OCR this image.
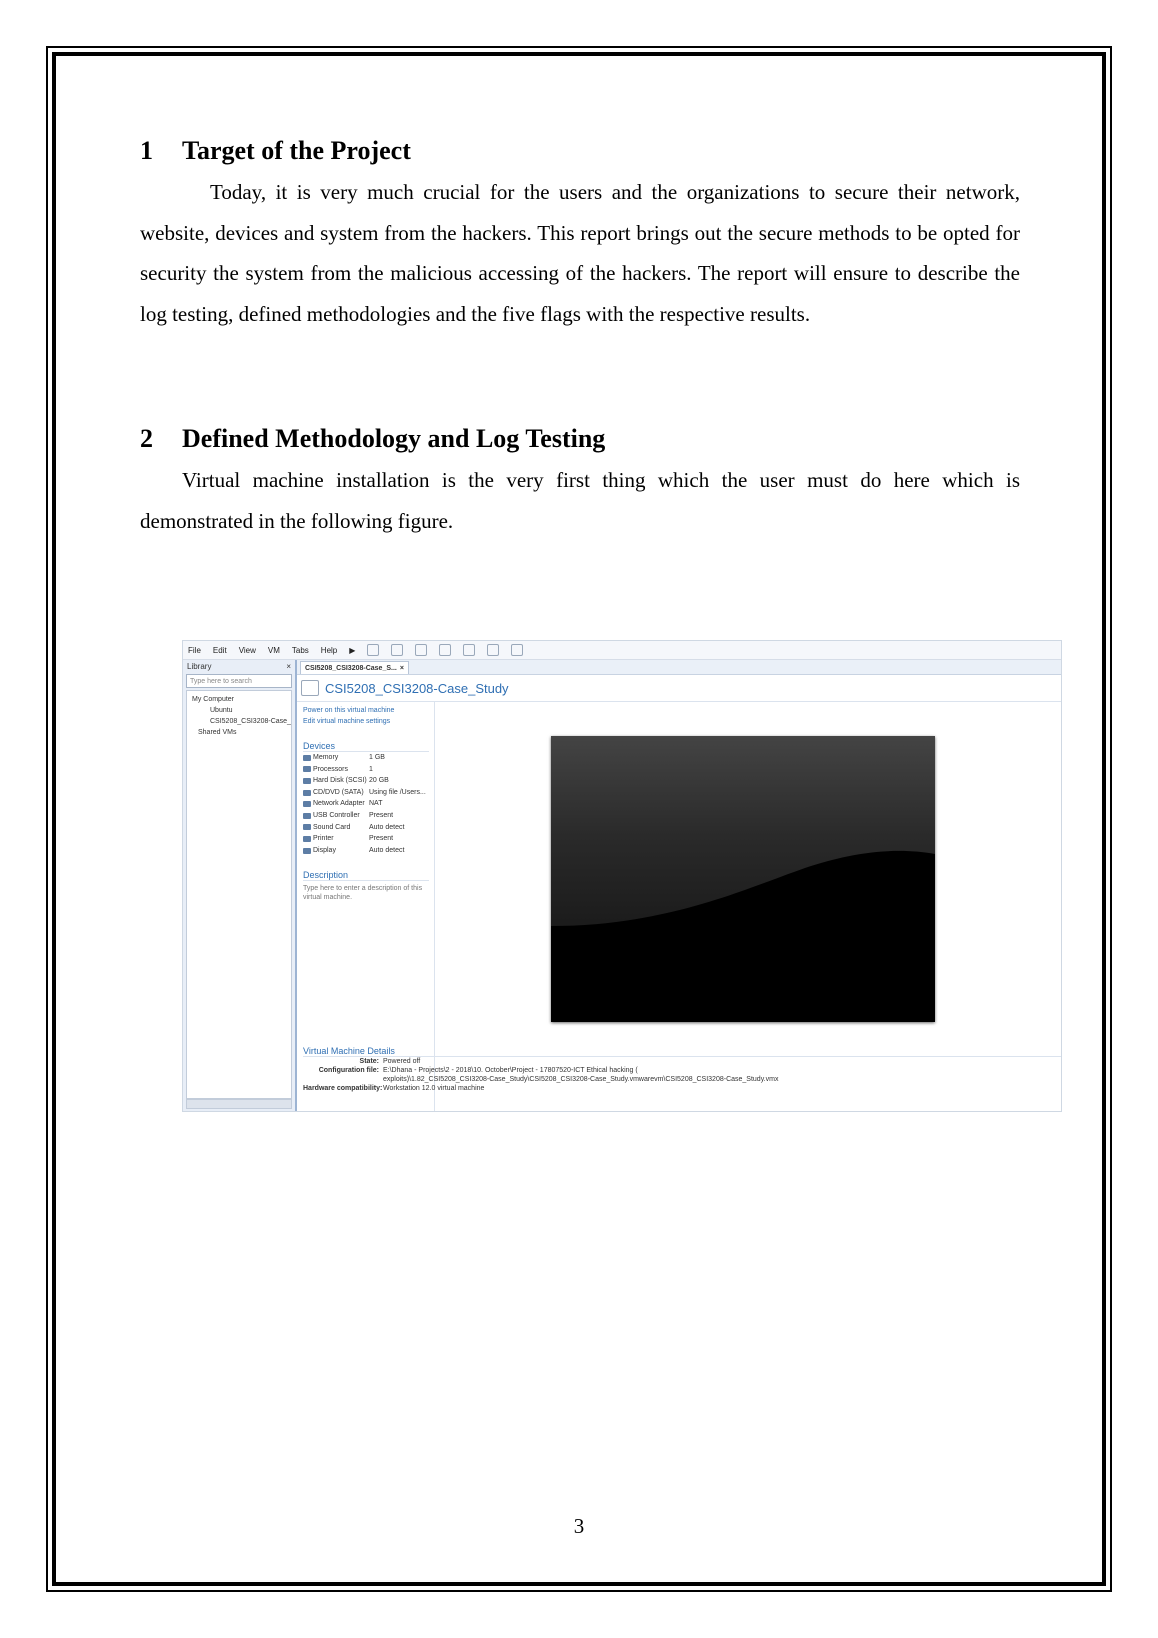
1	Target of the Project

Today, it is very much crucial for the users and the organizations to secure their network, website, devices and system from the hackers. This report brings out the secure methods to be opted for security the system from the malicious accessing of the hackers. The report will ensure to describe the log testing, defined methodologies and the five flags with the respective results.

2	Defined Methodology and Log Testing

Virtual machine installation is the very first thing which the user must do here which is demonstrated in the following figure.

File Edit View VM Tabs Help ▶
Library	×
Type here to search
My Computer
Ubuntu
CSI5208_CSI3208-Case_
Shared VMs
CSI5208_CSI3208-Case_S... ×
CSI5208_CSI3208-Case_Study
Power on this virtual machine
Edit virtual machine settings
Devices
Memory	1 GB
Processors	1
Hard Disk (SCSI) 20 GB
CD/DVD (SATA) Using file /Users...
Network Adapter NAT
USB Controller Present
Sound Card	Auto detect
Printer	Present
Display	Auto detect
Description
Type here to enter a description of this virtual machine.
Virtual Machine Details
State: Powered off
Configuration file: E:\Dhana - Projects\2 - 2018\10. October\Project - 17807520-ICT Ethical hacking (
exploits)\1.82_CSI5208_CSI3208-Case_Study\CSI5208_CSI3208-Case_Study.vmwarevm\CSI5208_CSI3208-Case_Study.vmx
Hardware compatibility: Workstation 12.0 virtual machine
3
